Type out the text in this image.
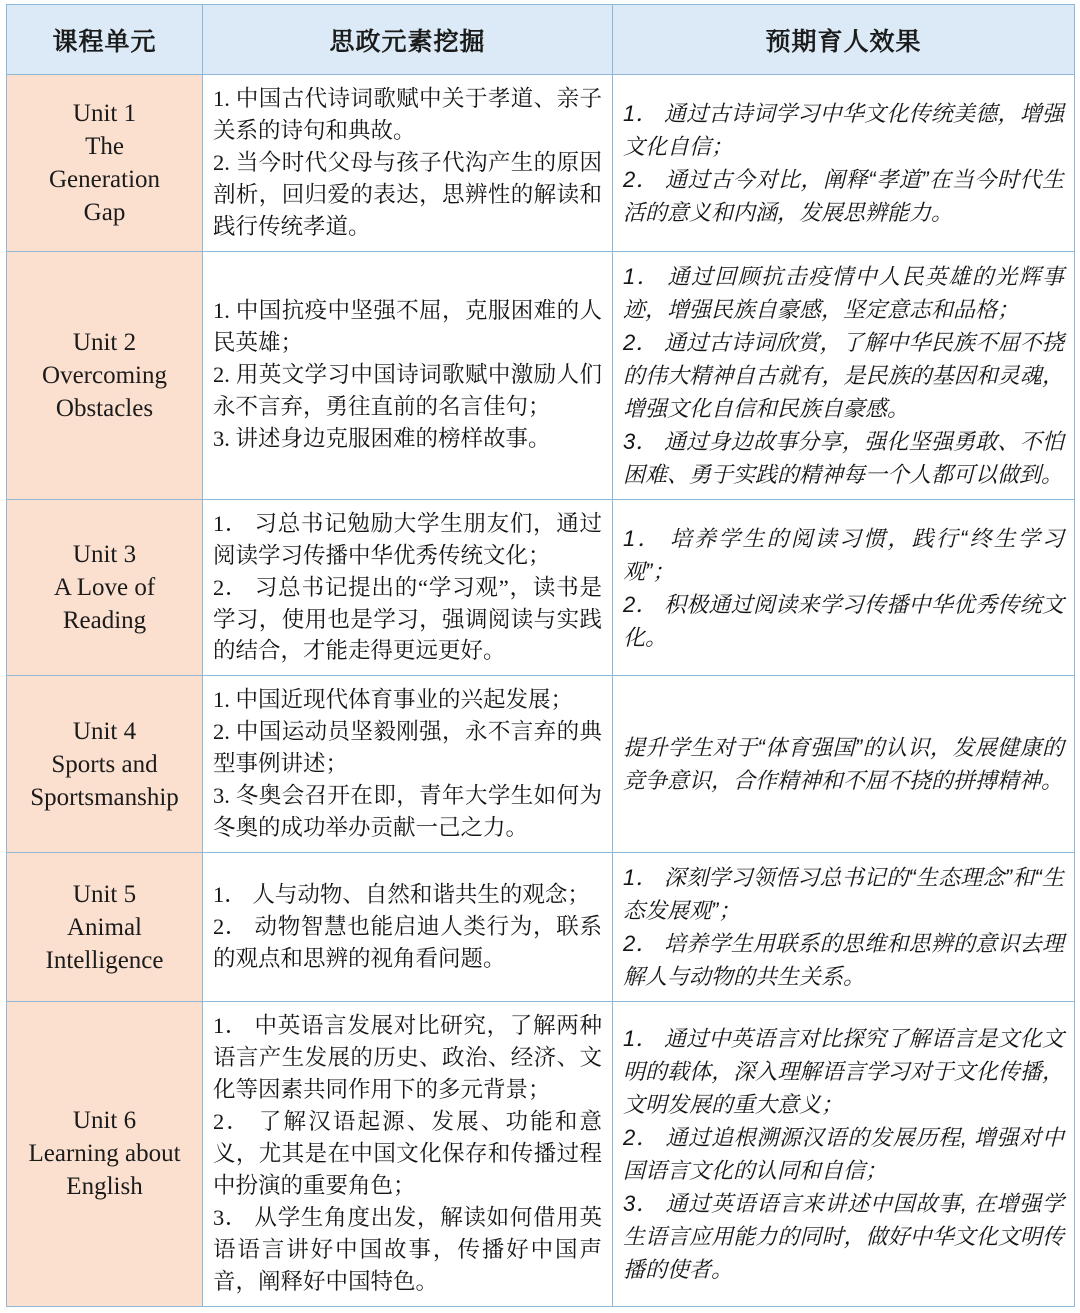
课程单元	思政元素挖掘	预期育人效果

Unit 1
The
Generation
Gap	1. 中国古代诗词歌赋中关于孝道、亲子关系的诗句和典故。
2. 当今时代父母与孩子代沟产生的原因剖析，回归爱的表达，思辨性的解读和践行传统孝道。	1． 通过古诗词学习中华文化传统美德，增强文化自信；
2． 通过古今对比，阐释“孝道”在当今时代生活的意义和内涵，发展思辨能力。

Unit 2
Overcoming
Obstacles	1. 中国抗疫中坚强不屈，克服困难的人民英雄；
2. 用英文学习中国诗词歌赋中激励人们永不言弃，勇往直前的名言佳句；
3. 讲述身边克服困难的榜样故事。	1． 通过回顾抗击疫情中人民英雄的光辉事迹，增强民族自豪感，坚定意志和品格；
2． 通过古诗词欣赏，了解中华民族不屈不挠的伟大精神自古就有，是民族的基因和灵魂，增强文化自信和民族自豪感。
3． 通过身边故事分享，强化坚强勇敢、不怕困难、勇于实践的精神每一个人都可以做到。

Unit 3
A Love of
Reading	1． 习总书记勉励大学生朋友们，通过阅读学习传播中华优秀传统文化；
2． 习总书记提出的“学习观”，读书是学习，使用也是学习，强调阅读与实践的结合，才能走得更远更好。	1． 培养学生的阅读习惯，践行“终生学习观”；
2． 积极通过阅读来学习传播中华优秀传统文化。

Unit 4
Sports and
Sportsmanship	1. 中国近现代体育事业的兴起发展；
2. 中国运动员坚毅刚强，永不言弃的典型事例讲述；
3. 冬奥会召开在即，青年大学生如何为冬奥的成功举办贡献一己之力。	提升学生对于“体育强国”的认识，发展健康的竞争意识，合作精神和不屈不挠的拼搏精神。

Unit 5
Animal
Intelligence	1． 人与动物、自然和谐共生的观念；
2． 动物智慧也能启迪人类行为，联系的观点和思辨的视角看问题。	1． 深刻学习领悟习总书记的“生态理念”和“生态发展观”；
2． 培养学生用联系的思维和思辨的意识去理解人与动物的共生关系。

Unit 6
Learning about
English	1． 中英语言发展对比研究，了解两种语言产生发展的历史、政治、经济、文化等因素共同作用下的多元背景；
2． 了解汉语起源、发展、功能和意义，尤其是在中国文化保存和传播过程中扮演的重要角色；
3． 从学生角度出发，解读如何借用英语语言讲好中国故事，传播好中国声音，阐释好中国特色。	1． 通过中英语言对比探究了解语言是文化文明的载体，深入理解语言学习对于文化传播，文明发展的重大意义；
2． 通过追根溯源汉语的发展历程, 增强对中国语言文化的认同和自信；
3． 通过英语语言来讲述中国故事, 在增强学生语言应用能力的同时，做好中华文化文明传播的使者。
